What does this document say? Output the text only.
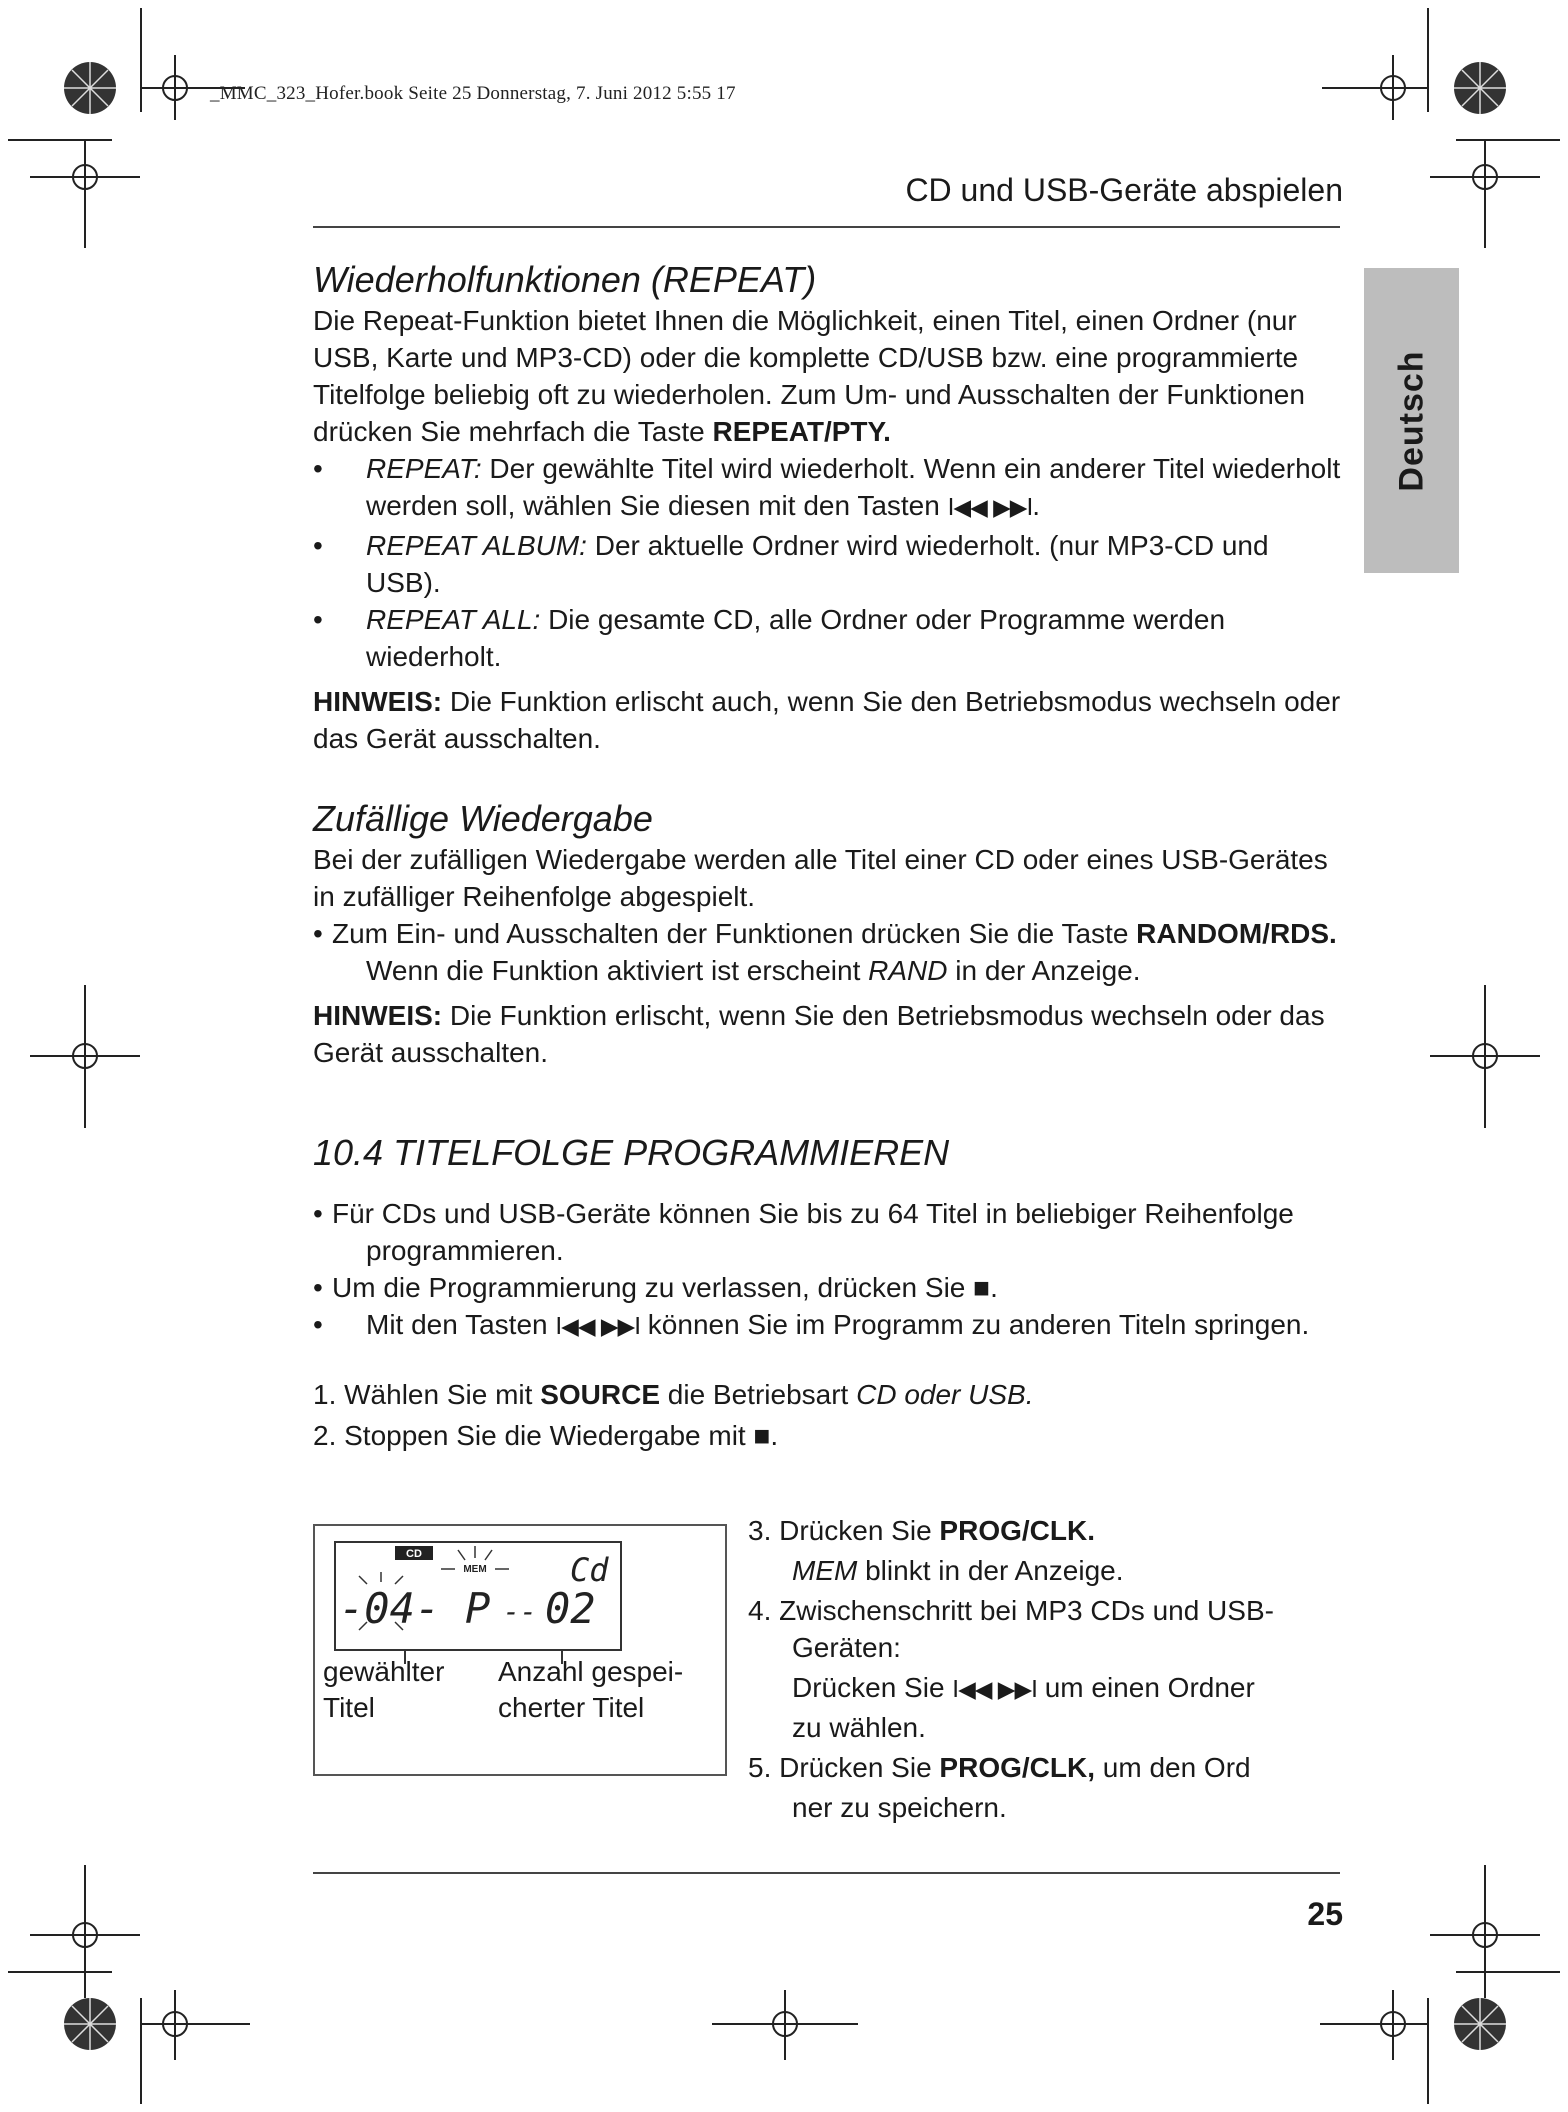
_MMC_323_Hofer.book Seite 25 Donnerstag, 7. Juni 2012 5:55 17
CD und USB-Geräte abspielen
Deutsch
Wiederholfunktionen (REPEAT)

Die Repeat-Funktion bietet Ihnen die Möglichkeit, einen Titel, einen Ordner (nur USB, Karte und MP3-CD) oder die komplette CD/USB bzw. eine programmierte Titelfolge beliebig oft zu wiederholen. Zum Um- und Ausschalten der Funktionen drücken Sie mehrfach die Taste REPEAT/PTY.

• REPEAT: Der gewählte Titel wird wiederholt. Wenn ein anderer Titel wiederholt werden soll, wählen Sie diesen mit den Tasten I◀◀ ▶▶I.
• REPEAT ALBUM: Der aktuelle Ordner wird wiederholt. (nur MP3-CD und USB).
• REPEAT ALL: Die gesamte CD, alle Ordner oder Programme werden wiederholt.

HINWEIS: Die Funktion erlischt auch, wenn Sie den Betriebsmodus wechseln oder das Gerät ausschalten.

Zufällige Wiedergabe

Bei der zufälligen Wiedergabe werden alle Titel einer CD oder eines USB-Gerätes in zufälliger Reihenfolge abgespielt.

• Zum Ein- und Ausschalten der Funktionen drücken Sie die Taste RANDOM/RDS. Wenn die Funktion aktiviert ist erscheint RAND in der Anzeige.

HINWEIS: Die Funktion erlischt, wenn Sie den Betriebsmodus wechseln oder das Gerät ausschalten.

10.4 TITELFOLGE PROGRAMMIEREN
• Für CDs und USB-Geräte können Sie bis zu 64 Titel in beliebiger Reihenfolge programmieren.
• Um die Programmierung zu verlassen, drücken Sie ■.
• Mit den Tasten I◀◀ ▶▶I können Sie im Programm zu anderen Titeln springen.

1. Wählen Sie mit SOURCE die Betriebsart CD oder USB.

2. Stoppen Sie die Wiedergabe mit ■.

CD
MEM	Cd
-04- P -- 02
gewählter
Titel
Anzahl gespei-
cherter Titel

3. Drücken Sie PROG/CLK.

MEM blinkt in der Anzeige.

4. Zwischenschritt bei MP3 CDs und USB-

Geräten:

Drücken Sie I◀◀ ▶▶I um einen Ordner

zu wählen.

5. Drücken Sie PROG/CLK, um den Ord

ner zu speichern.

25
